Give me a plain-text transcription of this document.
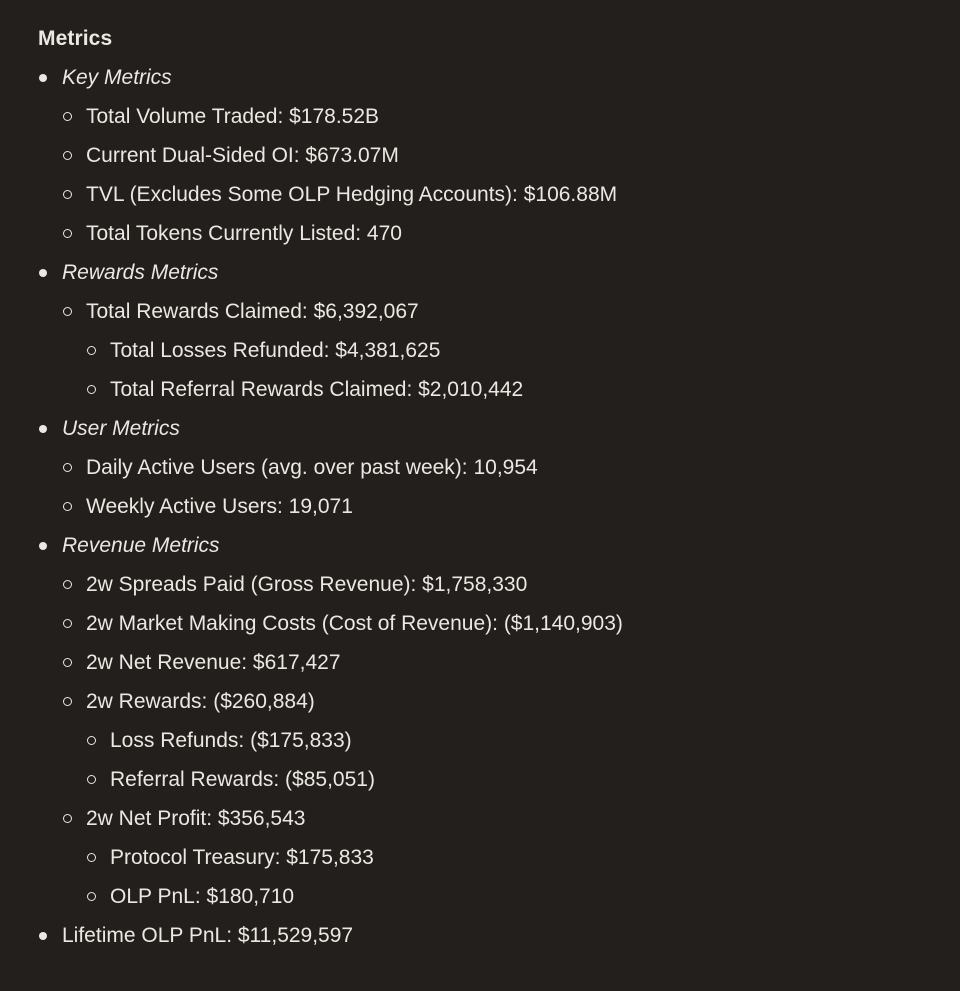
Metrics
Key Metrics
Total Volume Traded: $178.52B
Current Dual-Sided OI: $673.07M
TVL (Excludes Some OLP Hedging Accounts): $106.88M
Total Tokens Currently Listed: 470
Rewards Metrics
Total Rewards Claimed: $6,392,067
Total Losses Refunded: $4,381,625
Total Referral Rewards Claimed: $2,010,442
User Metrics
Daily Active Users (avg. over past week): 10,954
Weekly Active Users: 19,071
Revenue Metrics
2w Spreads Paid (Gross Revenue): $1,758,330
2w Market Making Costs (Cost of Revenue): ($1,140,903)
2w Net Revenue: $617,427
2w Rewards: ($260,884)
Loss Refunds: ($175,833)
Referral Rewards: ($85,051)
2w Net Profit: $356,543
Protocol Treasury: $175,833
OLP PnL: $180,710
Lifetime OLP PnL: $11,529,597
